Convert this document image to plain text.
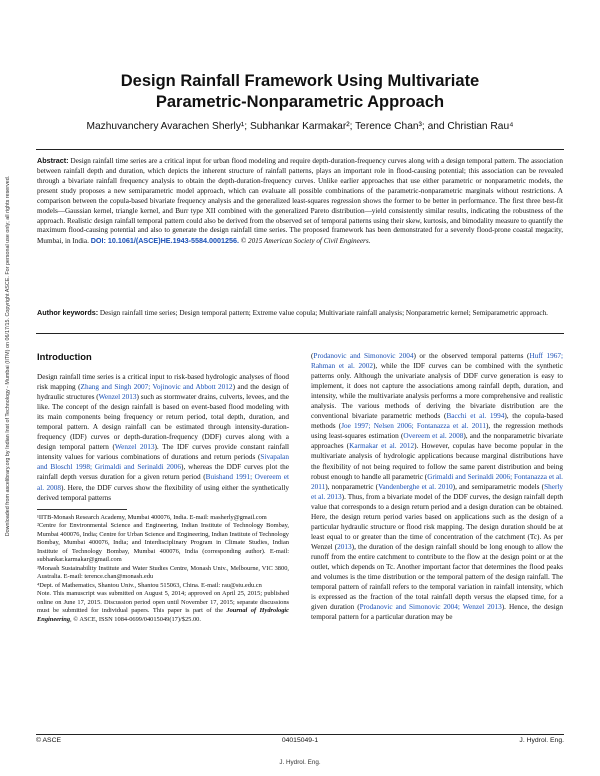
Downloaded from ascelibrary.org by Indian Inst of Technology - Mumbai (IITM) on 06/17/15. Copyright ASCE. For personal use only; all rights reserved.
Design Rainfall Framework Using Multivariate
Parametric-Nonparametric Approach
Mazhuvanchery Avarachen Sherly¹; Subhankar Karmakar²; Terence Chan³; and Christian Rau⁴
Abstract: Design rainfall time series are a critical input for urban flood modeling and require depth-duration-frequency curves along with a design temporal pattern. The association between rainfall depth and duration, which depicts the inherent structure of rainfall patterns, plays an important role in flood-causing potential; this association can be revealed through a bivariate rainfall frequency analysis to obtain the depth-duration-frequency curves. Unlike earlier approaches that use either parametric or nonparametric models, the present study proposes a new semiparametric model approach, which can evaluate all possible combinations of the parametric-nonparametric marginals without restrictions. A comparison between the copula-based bivariate frequency analysis and the generalized least-squares regression shows the former to be better in performance. The first three best-fit models—Gaussian kernel, triangle kernel, and Burr type XII combined with the generalized Pareto distribution—yield consistently similar results, indicating the robustness of the approach. Realistic design rainfall temporal pattern could also be derived from the observed set of temporal patterns using their skew, kurtosis, and bimodality measure to quantify the maximum flood-causing potential and also to generate the design rainfall time series. The proposed framework has been demonstrated for a severely flood-prone coastal megacity, Mumbai, in India. DOI: 10.1061/(ASCE)HE.1943-5584.0001256. © 2015 American Society of Civil Engineers.
Author keywords: Design rainfall time series; Design temporal pattern; Extreme value copula; Multivariate rainfall analysis; Nonparametric kernel; Semiparametric approach.
Introduction

Design rainfall time series is a critical input to risk-based hydrologic analyses of flood risk mapping (Zhang and Singh 2007; Vojinovic and Abbott 2012) and the design of hydraulic structures (Wenzel 2013) such as stormwater drains, culverts, levees, and the like. The concept of the design rainfall is based on event-based flood modeling with its main components being frequency or return period, total depth, duration, and temporal pattern. A design rainfall can be estimated through intensity-duration-frequency (IDF) curves or depth-duration-frequency (DDF) curves along with a design temporal pattern (Wenzel 2013). The IDF curves provide constant rainfall intensity values for various combinations of durations and return periods (Sivapalan and Bloschl 1998; Grimaldi and Serinaldi 2006), whereas the DDF curves plot the rainfall depth versus duration for a given return period (Buishand 1991; Overeem et al. 2008). Here, the DDF curves show the flexibility of using either the synthetically derived temporal patterns

¹IITB-Monash Research Academy, Mumbai 400076, India. E-mail: masherly@gmail.com

²Centre for Environmental Science and Engineering, Indian Institute of Technology Bombay, Mumbai 400076, India; Centre for Urban Science and Engineering, Indian Institute of Technology Bombay, Mumbai 400076, India; and Interdisciplinary Program in Climate Studies, Indian Institute of Technology Bombay, Mumbai 400076, India (corresponding author). E-mail: subhankar.karmakar@gmail.com

³Monash Sustainability Institute and Water Studies Centre, Monash Univ., Melbourne, VIC 3800, Australia. E-mail: terence.chan@monash.edu

⁴Dept. of Mathematics, Shantou Univ., Shantou 515063, China. E-mail: rau@stu.edu.cn

Note. This manuscript was submitted on August 5, 2014; approved on April 25, 2015; published online on June 17, 2015. Discussion period open until November 17, 2015; separate discussions must be submitted for individual papers. This paper is part of the Journal of Hydrologic Engineering, © ASCE, ISSN 1084-0699/04015049(17)/$25.00.

(Prodanovic and Simonovic 2004) or the observed temporal patterns (Huff 1967; Rahman et al. 2002), while the IDF curves can be combined with the synthetic patterns only. Although the univariate analysis of DDF curve generation is easy to implement, it does not capture the associations among rainfall depth, duration, and intensity, while the multivariate analysis performs a more comprehensive and realistic analysis. The various methods of deriving the bivariate distribution are the conventional bivariate parametric methods (Bacchi et al. 1994), the copula-based methods (Joe 1997; Nelsen 2006; Fontanazza et al. 2011), the regression methods using least-squares estimation (Overeem et al. 2008), and the nonparametric bivariate approaches (Karmakar et al. 2012). However, copulas have become popular in the multivariate analysis of hydrologic applications because marginal distributions have the flexibility of not being required to follow the same parent distribution and being robust enough to handle all parametric (Grimaldi and Serinaldi 2006; Fontanazza et al. 2011), nonparametric (Vandenberghe et al. 2010), and semiparametric models (Sherly et al. 2013). Thus, from a bivariate model of the DDF curves, the design rainfall depth value that corresponds to a design return period and a design duration can be obtained. Here, the design return period varies based on applications such as the design of a particular hydraulic structure or flood risk mapping. The design duration should be at least equal to or greater than the time of concentration of the catchment (Tc). As per Wenzel (2013), the duration of the design rainfall should be long enough to allow the runoff from the entire catchment to contribute to the flow at the design point or at the outlet, which depends on Tc. Another important factor that determines the flood peaks and volumes is the time distribution or the temporal pattern of the design rainfall. The temporal pattern of rainfall refers to the temporal variation in rainfall intensity, which is expressed as the fraction of the total rainfall depth versus the elapsed time, for a given duration (Prodanovic and Simonovic 2004; Wenzel 2013). Hence, the design temporal pattern for a particular duration may be

© ASCE	04015049-1	J. Hydrol. Eng.
J. Hydrol. Eng.
